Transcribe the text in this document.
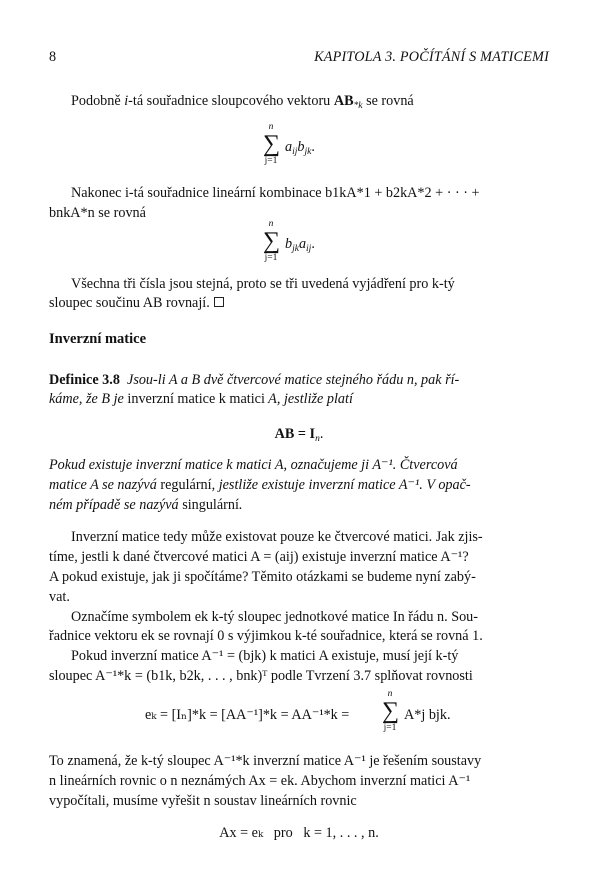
8	KAPITOLA 3. POČÍTÁNÍ S MATICEMI
Podobně i-tá souřadnice sloupcového vektoru $AB_{*k}$ se rovná
n
∑
j=1
$a_{ij}b_{jk}$.
Nakonec i-tá souřadnice lineární kombinace b1kA*1 + b2kA*2 + · · · +
bnkA*n se rovná
n
∑
j=1
$b_{jk}a_{ij}$.
Všechna tři čísla jsou stejná, proto se tři uvedená vyjádření pro k-tý
sloupec součinu AB rovnají.
Inverzní matice
Definice 3.8 Jsou-li A a B dvě čtvercové matice stejného řádu n, pak ří-
káme, že B je inverzní matice k matici A, jestliže platí
AB = $I_n$.
Pokud existuje inverzní matice k matici A, označujeme ji A⁻¹. Čtvercová
matice A se nazývá regulární, jestliže existuje inverzní matice A⁻¹. V opač-
ném případě se nazývá singulární.
Inverzní matice tedy může existovat pouze ke čtvercové matici. Jak zjis-
tíme, jestli k dané čtvercové matici A = (aij) existuje inverzní matice A⁻¹?
A pokud existuje, jak ji spočítáme? Těmito otázkami se budeme nyní zabý-
vat.
Označíme symbolem ek k-tý sloupec jednotkové matice In řádu n. Sou-
řadnice vektoru ek se rovnají 0 s výjimkou k-té souřadnice, která se rovná 1.
Pokud inverzní matice A⁻¹ = (bjk) k matici A existuje, musí její k-tý
sloupec A⁻¹*k = (b1k, b2k, . . . , bnk)ᵀ podle Tvrzení 3.7 splňovat rovnosti
eₖ = [Iₙ]*k = [AA⁻¹]*k = AA⁻¹*k =
n
∑
j=1
A*j bjk.
To znamená, že k-tý sloupec A⁻¹*k inverzní matice A⁻¹ je řešením soustavy
n lineárních rovnic o n neznámých Ax = ek. Abychom inverzní matici A⁻¹
vypočítali, musíme vyřešit n soustav lineárních rovnic
Ax = eₖ   pro   k = 1, . . . , n.
